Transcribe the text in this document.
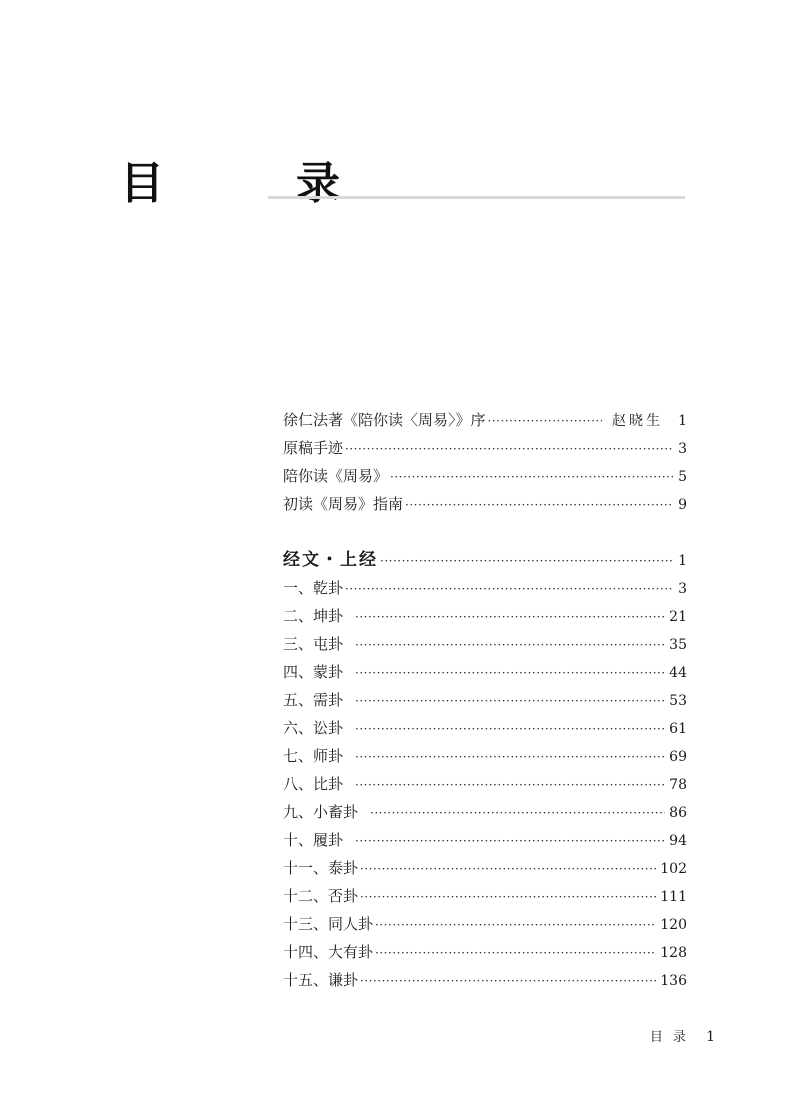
目　录
徐仁法著《陪你读〈周易〉》序 ·····	赵晓生 1
原稿手迹 ·····	3
陪你读《周易》 ·····	5
初读《周易》指南 ·····	9
经文・上经 ·····	1
一、乾卦 ·····	3
二、坤卦 ·····	21
三、屯卦 ·····	35
四、蒙卦 ·····	44
五、需卦 ·····	53
六、讼卦 ·····	61
七、师卦 ·····	69
八、比卦 ·····	78
九、小畜卦 ·····	86
十、履卦 ·····	94
十一、泰卦 ·····	102
十二、否卦 ·····	111
十三、同人卦 ·····	120
十四、大有卦 ·····	128
十五、谦卦 ·····	136
目录 1
